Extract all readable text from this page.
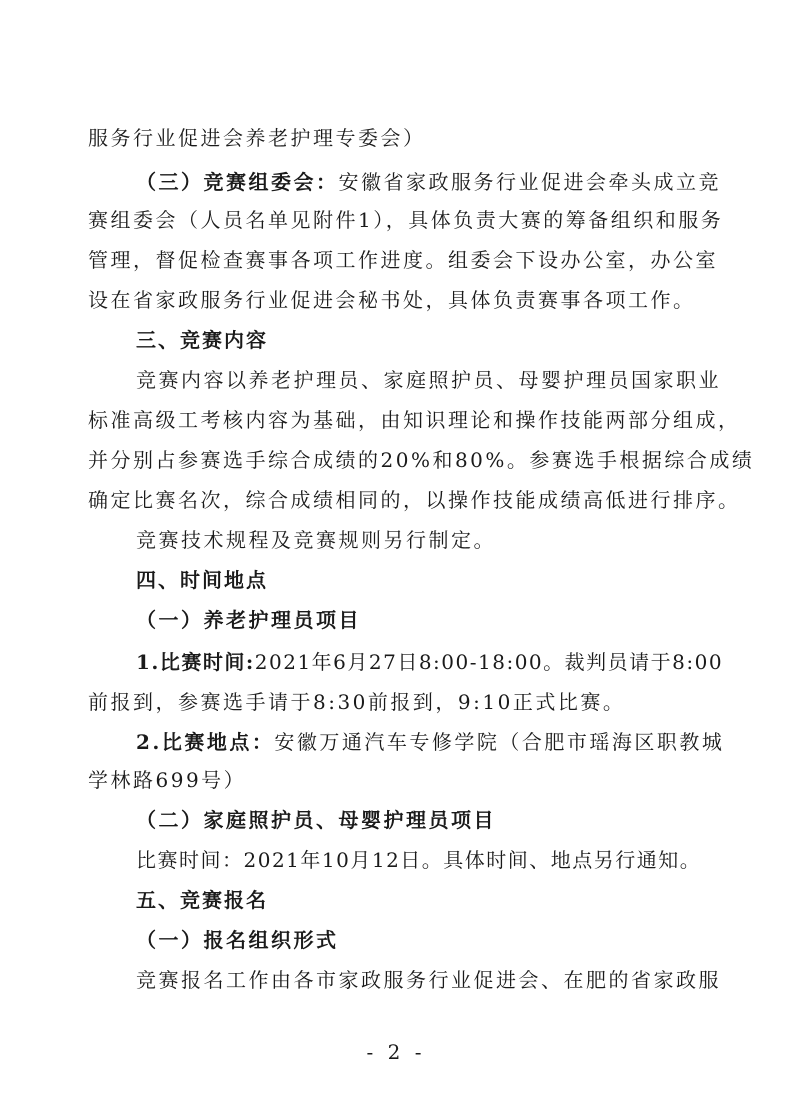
服务行业促进会养老护理专委会）
（三）竞赛组委会：安徽省家政服务行业促进会牵头成立竞
赛组委会（人员名单见附件1），具体负责大赛的筹备组织和服务
管理，督促检查赛事各项工作进度。组委会下设办公室，办公室
设在省家政服务行业促进会秘书处，具体负责赛事各项工作。
三、竞赛内容
竞赛内容以养老护理员、家庭照护员、母婴护理员国家职业
标准高级工考核内容为基础，由知识理论和操作技能两部分组成，
并分别占参赛选手综合成绩的20%和80%。参赛选手根据综合成绩
确定比赛名次，综合成绩相同的，以操作技能成绩高低进行排序。
竞赛技术规程及竞赛规则另行制定。
四、时间地点
（一）养老护理员项目
1.比赛时间:2021年6月27日8:00-18:00。裁判员请于8:00
前报到，参赛选手请于8:30前报到，9:10正式比赛。
2.比赛地点：安徽万通汽车专修学院（合肥市瑶海区职教城
学林路699号）
（二）家庭照护员、母婴护理员项目
比赛时间：2021年10月12日。具体时间、地点另行通知。
五、竞赛报名
（一）报名组织形式
竞赛报名工作由各市家政服务行业促进会、在肥的省家政服
- 2 -
